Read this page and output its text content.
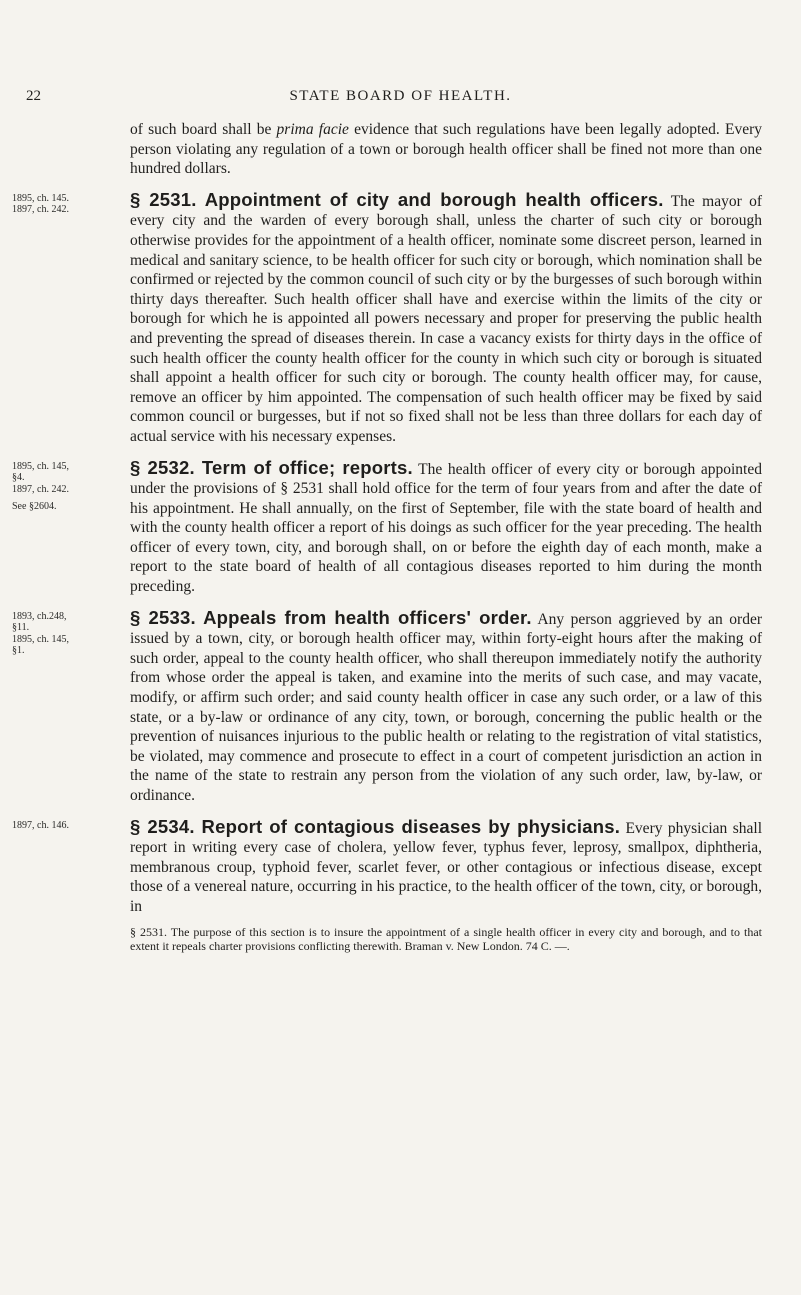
22	STATE BOARD OF HEALTH.

of such board shall be prima facie evidence that such regulations have been legally adopted. Every person violating any regulation of a town or borough health officer shall be fined not more than one hundred dollars.

1895, ch. 145.
1897, ch. 242.	§ 2531. Appointment of city and borough health officers. The mayor of every city and the warden of every borough shall, unless the charter of such city or borough otherwise provides for the appointment of a health officer, nominate some discreet person, learned in medical and sanitary science, to be health officer for such city or borough, which nomination shall be confirmed or rejected by the common council of such city or by the burgesses of such borough within thirty days thereafter. Such health officer shall have and exercise within the limits of the city or borough for which he is appointed all powers necessary and proper for preserving the public health and preventing the spread of diseases therein. In case a vacancy exists for thirty days in the office of such health officer the county health officer for the county in which such city or borough is situated shall appoint a health officer for such city or borough. The county health officer may, for cause, remove an officer by him appointed. The compensation of such health officer may be fixed by said common council or burgesses, but if not so fixed shall not be less than three dollars for each day of actual service with his necessary expenses.

1895, ch. 145, §4.
1897, ch. 242.
See §2604.

§ 2532. Term of office; reports. The health officer of every city or borough appointed under the provisions of § 2531 shall hold office for the term of four years from and after the date of his appointment. He shall annually, on the first of September, file with the state board of health and with the county health officer a report of his doings as such officer for the year preceding. The health officer of every town, city, and borough shall, on or before the eighth day of each month, make a report to the state board of health of all contagious diseases reported to him during the month preceding.

1893, ch.248, §11.
1895, ch. 145, §1.

§ 2533. Appeals from health officers' order. Any person aggrieved by an order issued by a town, city, or borough health officer may, within forty-eight hours after the making of such order, appeal to the county health officer, who shall thereupon immediately notify the authority from whose order the appeal is taken, and examine into the merits of such case, and may vacate, modify, or affirm such order; and said county health officer in case any such order, or a law of this state, or a by-law or ordinance of any city, town, or borough, concerning the public health or the prevention of nuisances injurious to the public health or relating to the registration of vital statistics, be violated, may commence and prosecute to effect in a court of competent jurisdiction an action in the name of the state to restrain any person from the violation of any such order, law, by-law, or ordinance.

1897, ch. 146.	§ 2534. Report of contagious diseases by physicians. Every physician shall report in writing every case of cholera, yellow fever, typhus fever, leprosy, smallpox, diphtheria, membranous croup, typhoid fever, scarlet fever, or other contagious or infectious disease, except those of a venereal nature, occurring in his practice, to the health officer of the town, city, or borough, in

§ 2531. The purpose of this section is to insure the appointment of a single health officer in every city and borough, and to that extent it repeals charter provisions conflicting therewith. Braman v. New London. 74 C. —.
